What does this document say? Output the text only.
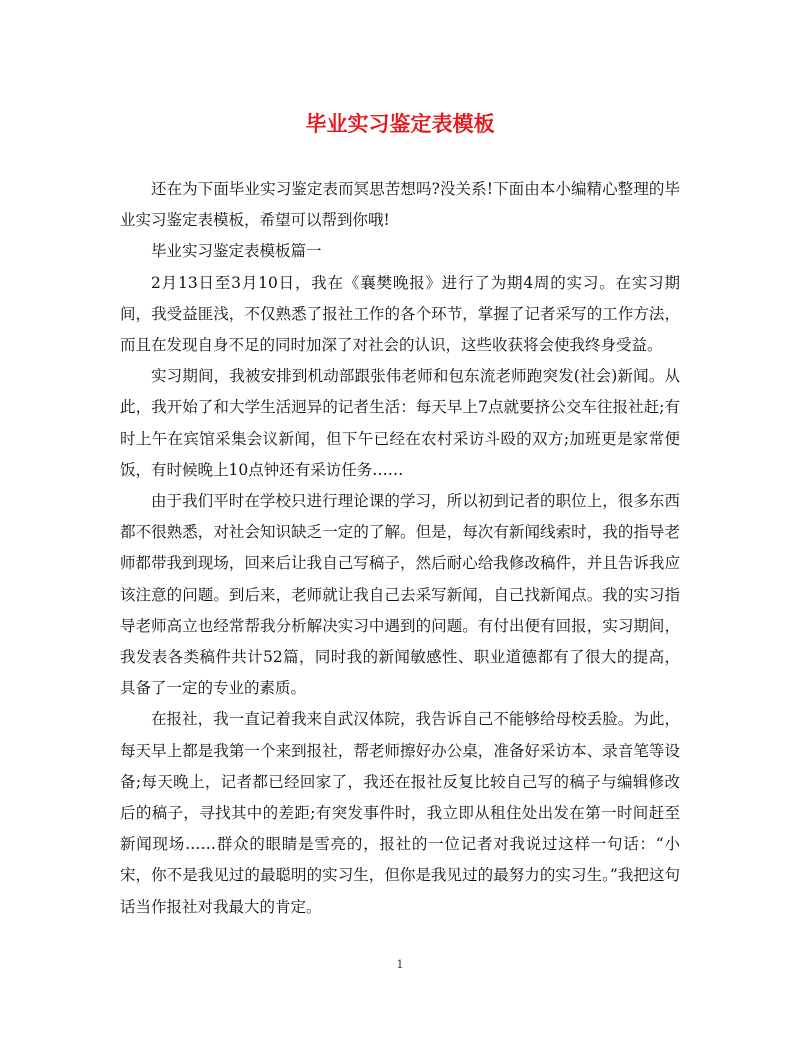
毕业实习鉴定表模板

还在为下面毕业实习鉴定表而冥思苦想吗?没关系!下面由本小编精心整理的毕业实习鉴定表模板，希望可以帮到你哦!

毕业实习鉴定表模板篇一

2月13日至3月10日，我在《襄樊晚报》进行了为期4周的实习。在实习期间，我受益匪浅，不仅熟悉了报社工作的各个环节，掌握了记者采写的工作方法，而且在发现自身不足的同时加深了对社会的认识，这些收获将会使我终身受益。

实习期间，我被安排到机动部跟张伟老师和包东流老师跑突发(社会)新闻。从此，我开始了和大学生活迥异的记者生活：每天早上7点就要挤公交车往报社赶;有时上午在宾馆采集会议新闻，但下午已经在农村采访斗殴的双方;加班更是家常便饭，有时候晚上10点钟还有采访任务……

由于我们平时在学校只进行理论课的学习，所以初到记者的职位上，很多东西都不很熟悉，对社会知识缺乏一定的了解。但是，每次有新闻线索时，我的指导老师都带我到现场，回来后让我自己写稿子，然后耐心给我修改稿件，并且告诉我应该注意的问题。到后来，老师就让我自己去采写新闻，自己找新闻点。我的实习指导老师高立也经常帮我分析解决实习中遇到的问题。有付出便有回报，实习期间，我发表各类稿件共计52篇，同时我的新闻敏感性、职业道德都有了很大的提高，具备了一定的专业的素质。

在报社，我一直记着我来自武汉体院，我告诉自己不能够给母校丢脸。为此，每天早上都是我第一个来到报社，帮老师擦好办公桌，准备好采访本、录音笔等设备;每天晚上，记者都已经回家了，我还在报社反复比较自己写的稿子与编辑修改后的稿子，寻找其中的差距;有突发事件时，我立即从租住处出发在第一时间赶至新闻现场……群众的眼睛是雪亮的，报社的一位记者对我说过这样一句话：“小宋，你不是我见过的最聪明的实习生，但你是我见过的最努力的实习生。”我把这句话当作报社对我最大的肯定。

1
